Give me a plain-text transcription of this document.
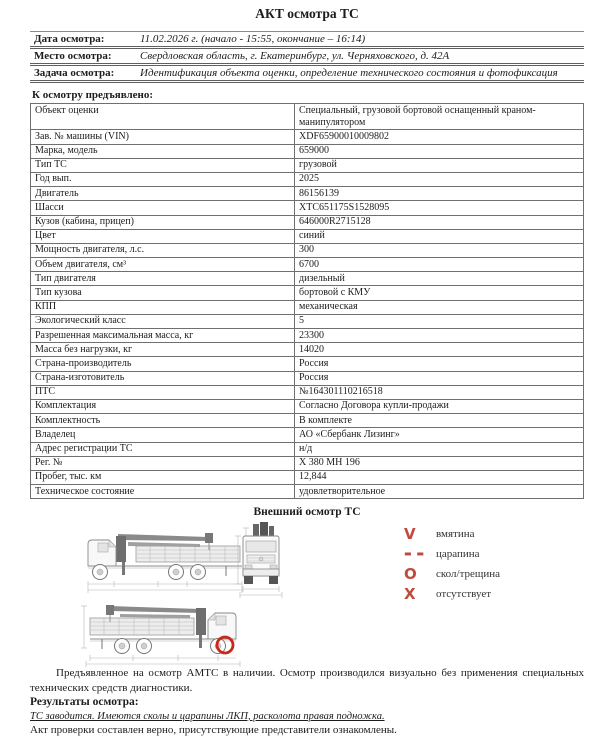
АКТ осмотра ТС
Дата осмотра:	11.02.2026 г. (начало - 15:55, окончание – 16:14)
Место осмотра:	Свердловская область, г. Екатеринбург, ул. Черняховского, д. 42А
Задача осмотра:	Идентификация объекта оценки, определение технического состояния и фотофиксация
К осмотру предъявлено:
Объект оценки	Специальный, грузовой бортовой оснащенный краном-манипулятором
Зав. № машины (VIN)	XDF65900010009802
Марка, модель	659000
Тип ТС	грузовой
Год вып.	2025
Двигатель	86156139
Шасси	XTC651175S1528095
Кузов (кабина, прицеп)	646000R2715128
Цвет	синий
Мощность двигателя, л.с.	300
Объем двигателя, см³	6700
Тип двигателя	дизельный
Тип кузова	бортовой с КМУ
КПП	механическая
Экологический класс	5
Разрешенная максимальная масса, кг	23300
Масса без нагрузки, кг	14020
Страна-производитель	Россия
Страна-изготовитель	Россия
ПТС	№164301110216518
Комплектация	Согласно Договора купли-продажи
Комплектность	В комплекте
Владелец	АО «Сбербанк Лизинг»
Адрес регистрации ТС	н/д
Рег. №	Х 380 МН 196
Пробег, тыс. км	12,844
Техническое состояние	удовлетворительное
Внешний осмотр ТС
V	вмятина
▬ ▬	царапина
O	скол/трещина
X	отсутствует

Предъявленное на осмотр АМТС в наличии. Осмотр производился визуально без применения специальных технических средств диагностики.

Результаты осмотра:

ТС заводится. Имеются сколы и царапины ЛКП, расколота правая подножка.

Акт проверки составлен верно, присутствующие представители ознакомлены.
